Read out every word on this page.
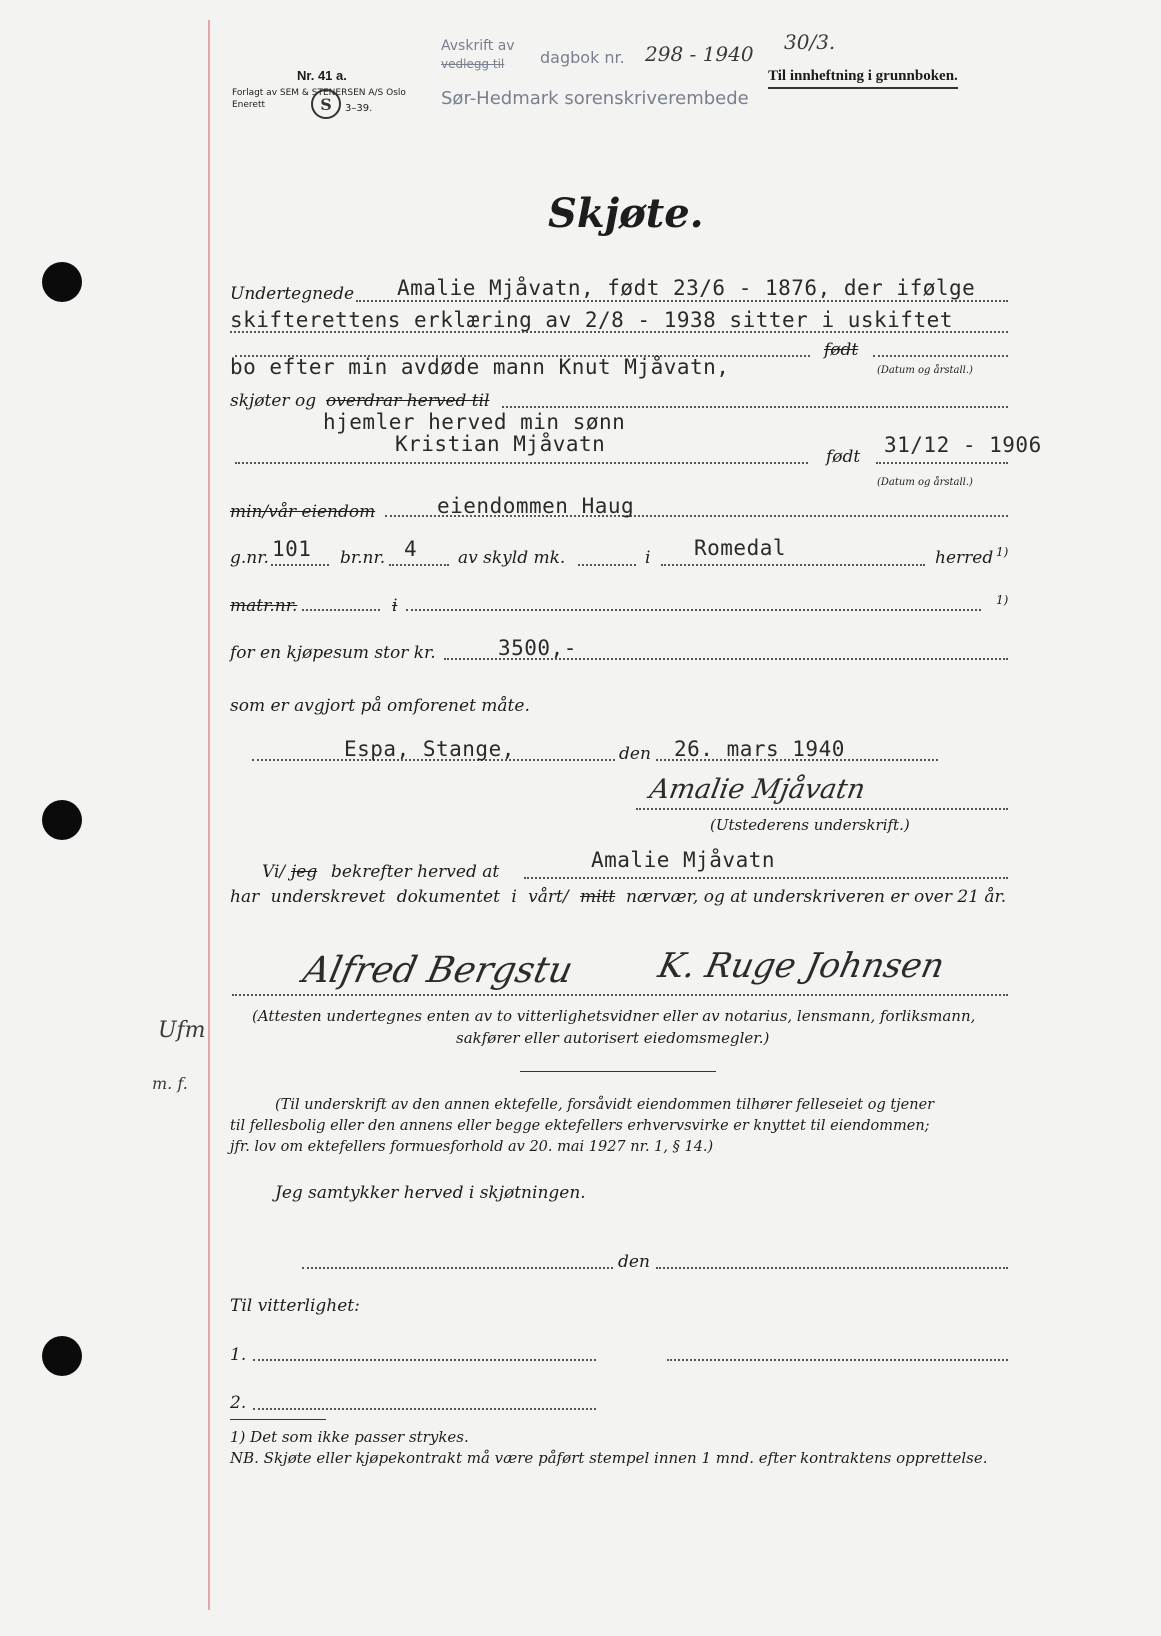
Nr. 41 a.
Forlagt av SEM & STENERSEN A/S Oslo
Enerett	S 3–39.
Avskrift av
vedlegg til dagbok nr. 298 - 1940 30/3.
Sør-Hedmark sorenskriverembede
Til innheftning i grunnboken.
Skjøte.
Undertegnede Amalie Mjåvatn, født 23/6 - 1876, der ifølge
skifterettens erklæring av 2/8 - 1938 sitter i uskiftet
født
bo efter min avdøde mann Knut Mjåvatn,	(Datum og årstall.)
skjøter og overdrar herved til
hjemler herved min sønn
Kristian Mjåvatn
født 31/12 - 1906
(Datum og årstall.)
min/vår eiendom	eiendommen Haug
g.nr. 101 br.nr. 4 av skyld mk.	i Romedal	herred 1)
matr.nr.	i	1)
for en kjøpesum stor kr.	3500,-
som er avgjort på omforenet måte.
Espa, Stange,	den 26. mars 1940
Amalie Mjåvatn
(Utstederens underskrift.)
Vi/ jeg bekrefter herved at	Amalie Mjåvatn
har underskrevet dokumentet i vårt/ mitt nærvær, og at underskriveren er over 21 år.
Alfred Bergstu K. Ruge Johnsen
(Attesten undertegnes enten av to vitterlighetsvidner eller av notarius, lensmann, forliksmann,
sakfører eller autorisert eiedomsmegler.)
Ufm
m. f.
(Til underskrift av den annen ektefelle, forsåvidt eiendommen tilhører felleseiet og tjener
til fellesbolig eller den annens eller begge ektefellers erhvervsvirke er knyttet til eiendommen;
jfr. lov om ektefellers formuesforhold av 20. mai 1927 nr. 1, § 14.)
Jeg samtykker herved i skjøtningen.
den
Til vitterlighet:
1.
2.
1) Det som ikke passer strykes.
NB. Skjøte eller kjøpekontrakt må være påført stempel innen 1 mnd. efter kontraktens opprettelse.
